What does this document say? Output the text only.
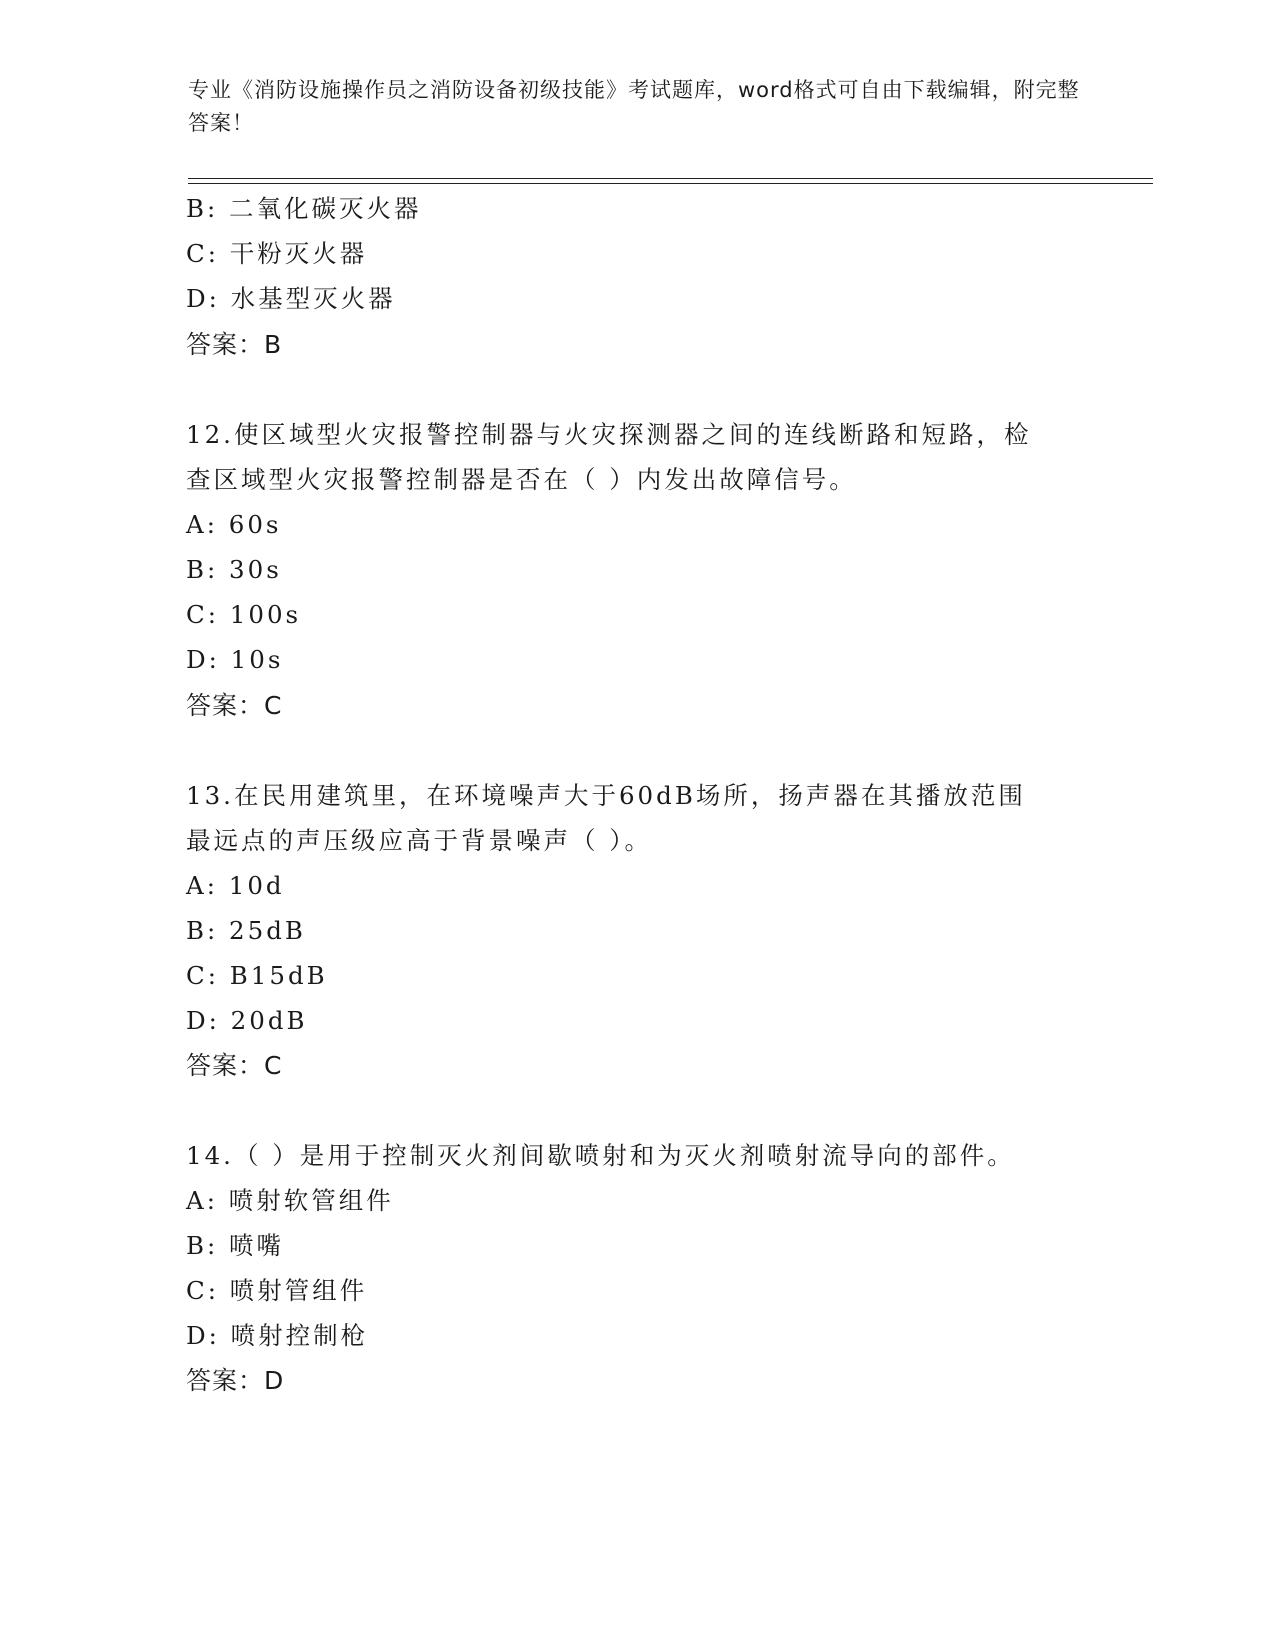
专业《消防设施操作员之消防设备初级技能》考试题库，word格式可自由下载编辑，附完整答案！
B: 二氧化碳灭火器
C: 干粉灭火器
D: 水基型灭火器
答案：B
12.使区域型火灾报警控制器与火灾探测器之间的连线断路和短路，检
查区域型火灾报警控制器是否在（ ）内发出故障信号。
A: 60s
B: 30s
C: 100s
D: 10s
答案：C
13.在民用建筑里，在环境噪声大于60dB场所，扬声器在其播放范围
最远点的声压级应高于背景噪声（ ）。
A: 10d
B: 25dB
C: B15dB
D: 20dB
答案：C
14.（ ）是用于控制灭火剂间歇喷射和为灭火剂喷射流导向的部件。
A: 喷射软管组件
B: 喷嘴
C: 喷射管组件
D: 喷射控制枪
答案：D
